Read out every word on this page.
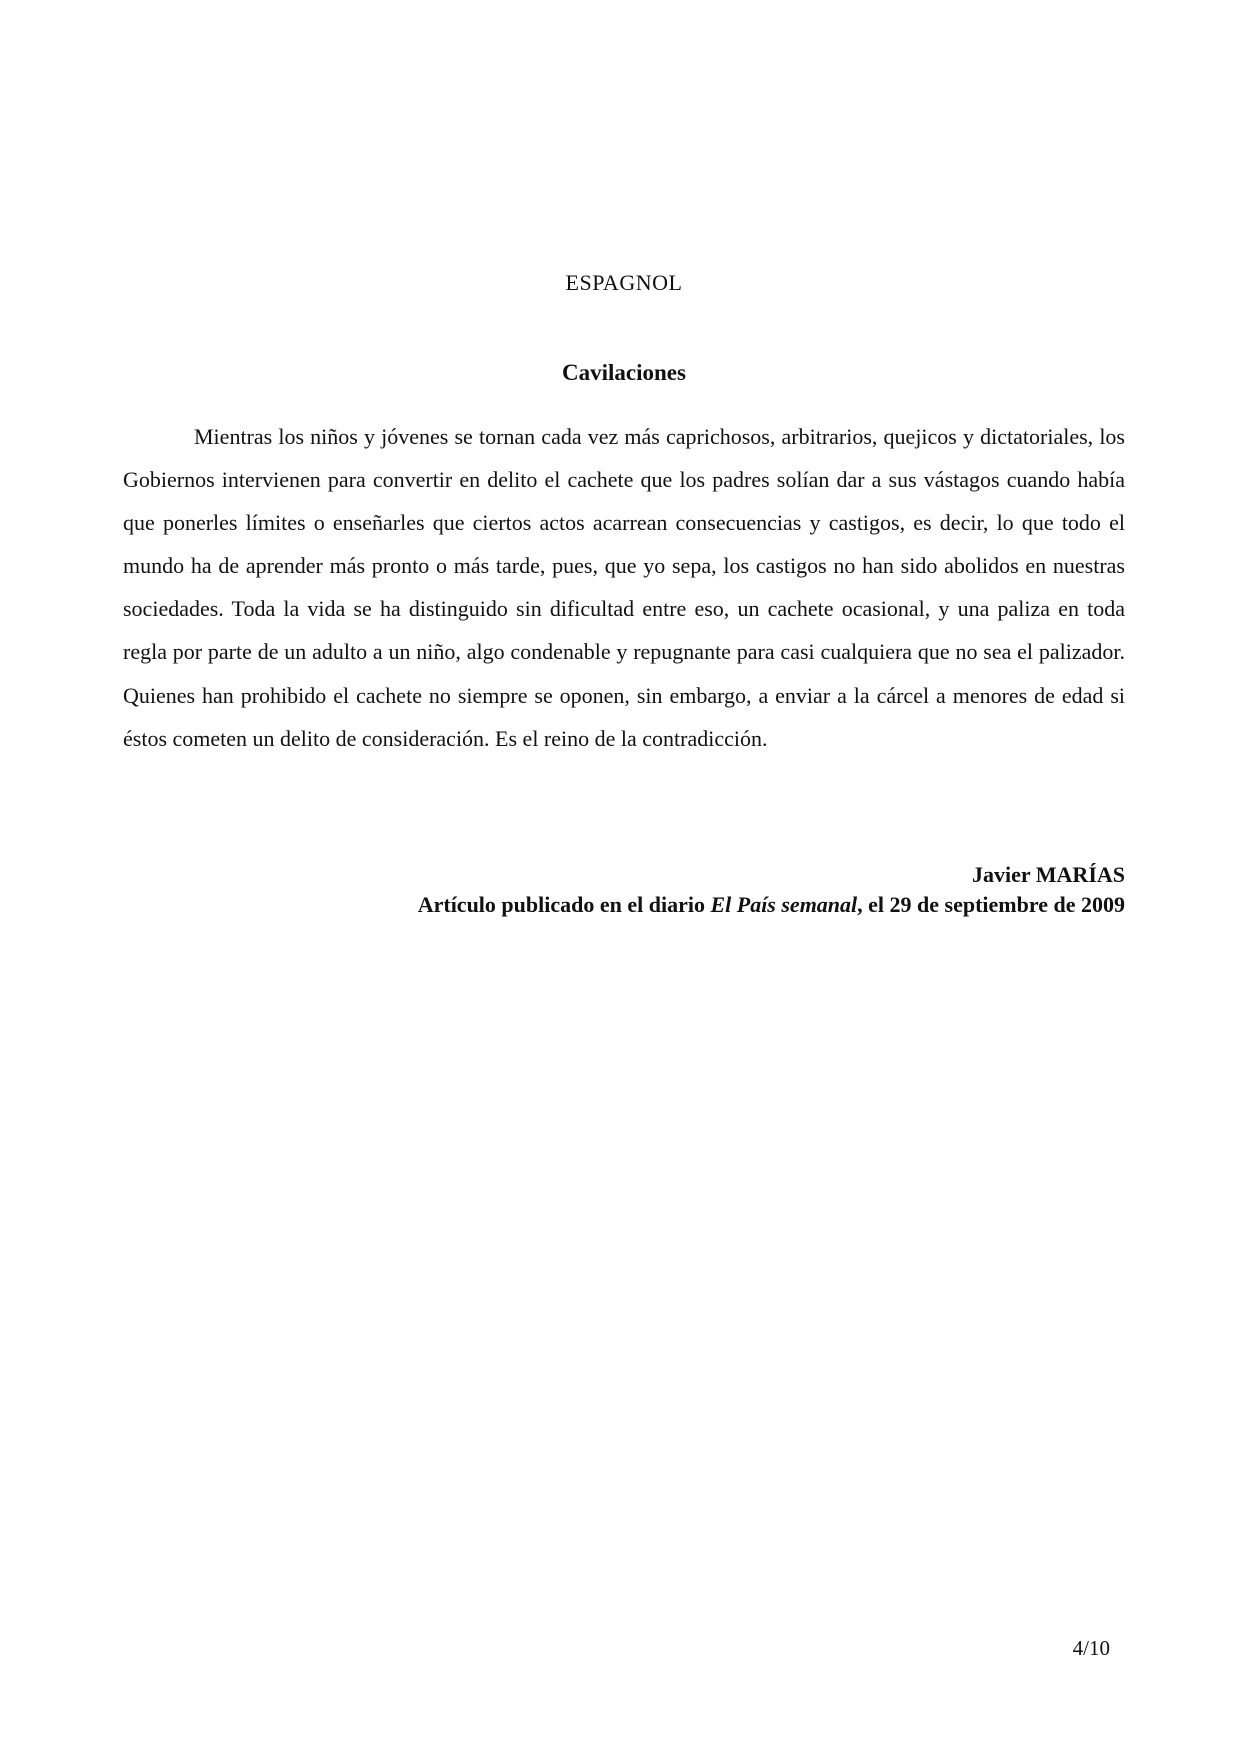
ESPAGNOL

Cavilaciones

Mientras los niños y jóvenes se tornan cada vez más caprichosos, arbitrarios, quejicos y dictatoriales, los Gobiernos intervienen para convertir en delito el cachete que los padres solían dar a sus vástagos cuando había que ponerles límites o enseñarles que ciertos actos acarrean consecuencias y castigos, es decir, lo que todo el mundo ha de aprender más pronto o más tarde, pues, que yo sepa, los castigos no han sido abolidos en nuestras sociedades. Toda la vida se ha distinguido sin dificultad entre eso, un cachete ocasional, y una paliza en toda regla por parte de un adulto a un niño, algo condenable y repugnante para casi cualquiera que no sea el palizador. Quienes han prohibido el cachete no siempre se oponen, sin embargo, a enviar a la cárcel a menores de edad si éstos cometen un delito de consideración. Es el reino de la contradicción.

Javier MARÍAS
Artículo publicado en el diario El País semanal, el 29 de septiembre de 2009
4/10
